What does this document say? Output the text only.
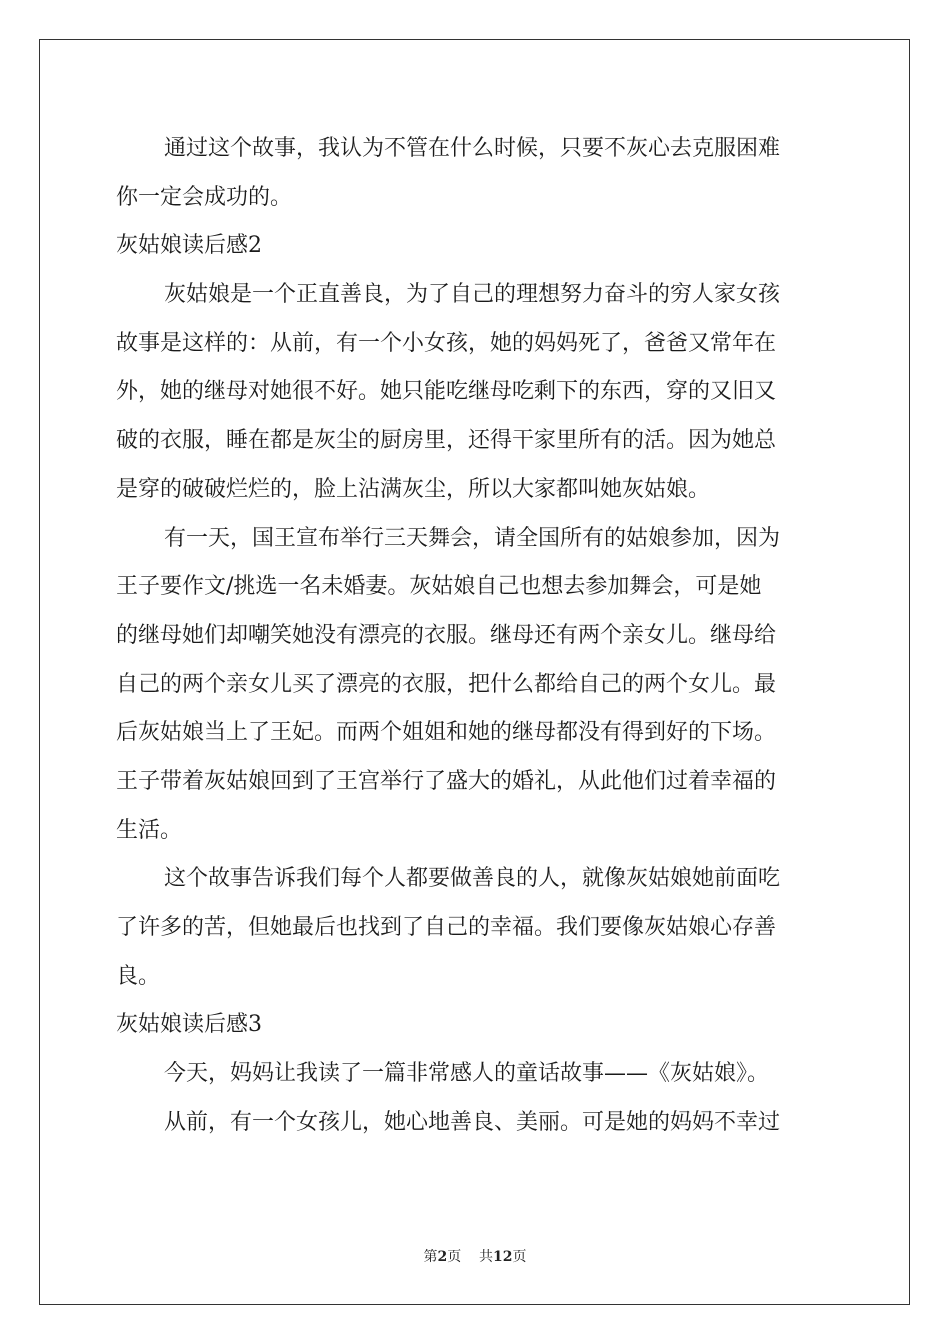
通过这个故事，我认为不管在什么时候，只要不灰心去克服困难
你一定会成功的。
灰姑娘读后感2
灰姑娘是一个正直善良，为了自己的理想努力奋斗的穷人家女孩
故事是这样的：从前，有一个小女孩，她的妈妈死了，爸爸又常年在
外，她的继母对她很不好。她只能吃继母吃剩下的东西，穿的又旧又
破的衣服，睡在都是灰尘的厨房里，还得干家里所有的活。因为她总
是穿的破破烂烂的，脸上沾满灰尘，所以大家都叫她灰姑娘。
有一天，国王宣布举行三天舞会，请全国所有的姑娘参加，因为
王子要作文/挑选一名未婚妻。灰姑娘自己也想去参加舞会，可是她
的继母她们却嘲笑她没有漂亮的衣服。继母还有两个亲女儿。继母给
自己的两个亲女儿买了漂亮的衣服，把什么都给自己的两个女儿。最
后灰姑娘当上了王妃。而两个姐姐和她的继母都没有得到好的下场。
王子带着灰姑娘回到了王宫举行了盛大的婚礼，从此他们过着幸福的
生活。
这个故事告诉我们每个人都要做善良的人，就像灰姑娘她前面吃
了许多的苦，但她最后也找到了自己的幸福。我们要像灰姑娘心存善
良。
灰姑娘读后感3
今天，妈妈让我读了一篇非常感人的童话故事——《灰姑娘》。
从前，有一个女孩儿，她心地善良、美丽。可是她的妈妈不幸过
第2页 共12页
